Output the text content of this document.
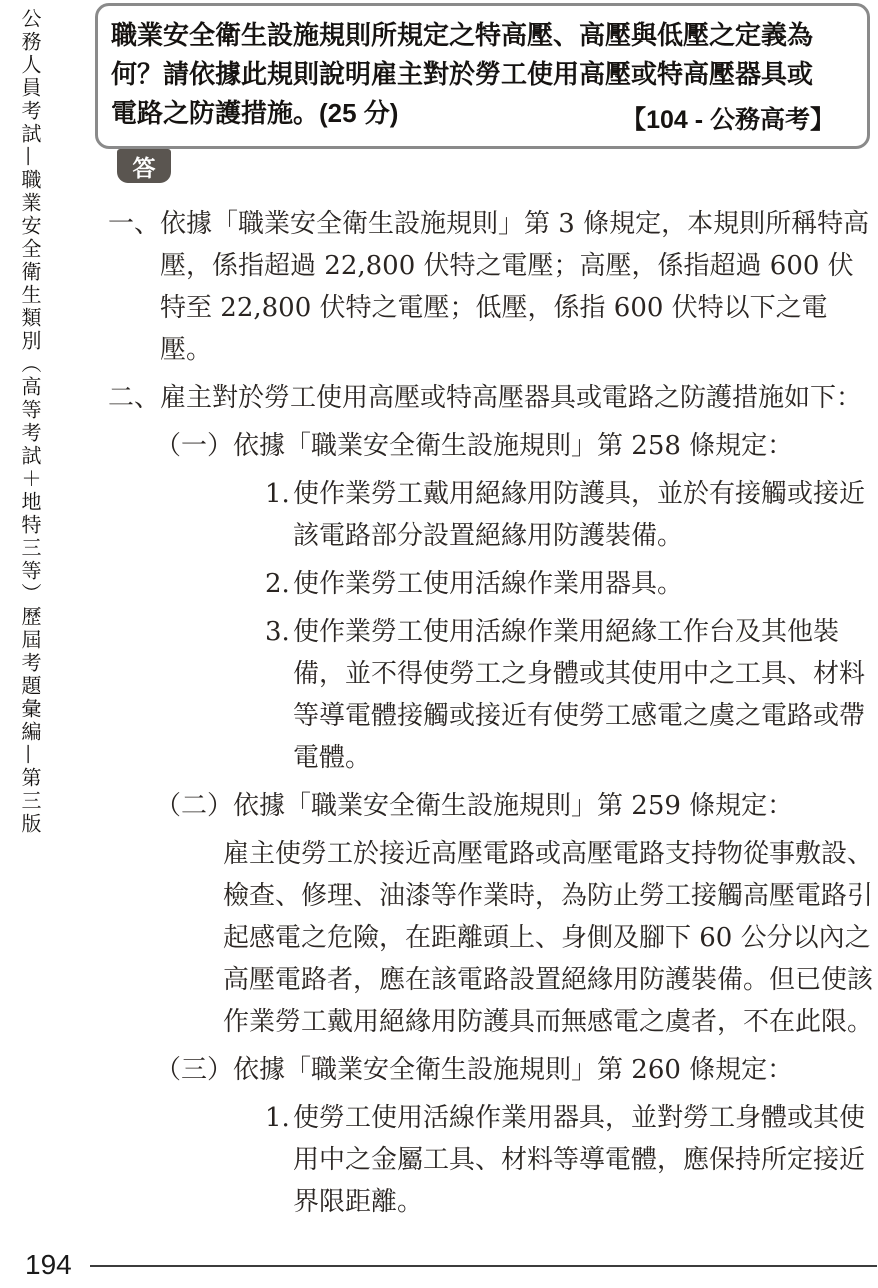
公務人員考試—職業安全衛生類別（高等考試＋地特三等）歷屆考題彙編—第三版	職業安全衛生設施規則所規定之特高壓、高壓與低壓之定義為何？請依據此規則說明雇主對於勞工使用高壓或特高壓器具或電路之防護措施。(25 分)	【104 - 公務高考】
答
一、 依據「職業安全衛生設施規則」第 3 條規定，本規則所稱特高壓，係指超過 22,800 伏特之電壓；高壓，係指超過 600 伏特至 22,800 伏特之電壓；低壓，係指 600 伏特以下之電壓。
二、 雇主對於勞工使用高壓或特高壓器具或電路之防護措施如下：
（一） 依據「職業安全衛生設施規則」第 258 條規定：
1. 使作業勞工戴用絕緣用防護具，並於有接觸或接近該電路部分設置絕緣用防護裝備。
2. 使作業勞工使用活線作業用器具。
3. 使作業勞工使用活線作業用絕緣工作台及其他裝備，並不得使勞工之身體或其使用中之工具、材料等導電體接觸或接近有使勞工感電之虞之電路或帶電體。
（二） 依據「職業安全衛生設施規則」第 259 條規定：
雇主使勞工於接近高壓電路或高壓電路支持物從事敷設、檢查、修理、油漆等作業時，為防止勞工接觸高壓電路引起感電之危險，在距離頭上、身側及腳下 60 公分以內之高壓電路者，應在該電路設置絕緣用防護裝備。但已使該作業勞工戴用絕緣用防護具而無感電之虞者，不在此限。
（三） 依據「職業安全衛生設施規則」第 260 條規定：
1. 使勞工使用活線作業用器具，並對勞工身體或其使用中之金屬工具、材料等導電體，應保持所定接近界限距離。
194
